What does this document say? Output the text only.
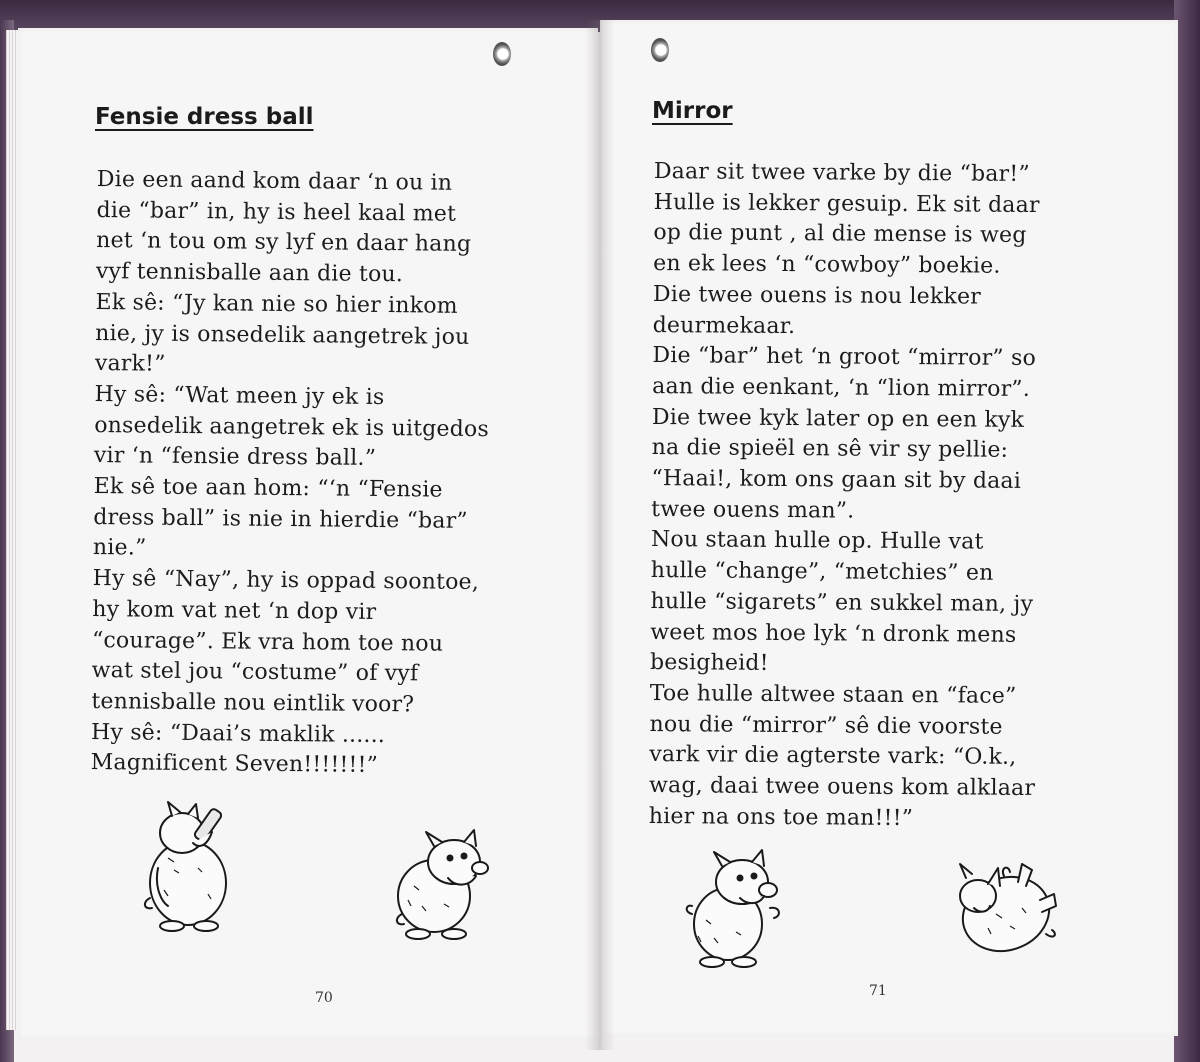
Fensie dress ball
Die een aand kom daar ‘n ou in
die “bar” in, hy is heel kaal met
net ‘n tou om sy lyf en daar hang
vyf tennisballe aan die tou.
Ek sê: “Jy kan nie so hier inkom
nie, jy is onsedelik aangetrek jou
vark!”
Hy sê: “Wat meen jy ek is
onsedelik aangetrek ek is uitgedos
vir ‘n “fensie dress ball.”
Ek sê toe aan hom: “‘n “Fensie
dress ball” is nie in hierdie “bar”
nie.”
Hy sê “Nay”, hy is oppad soontoe,
hy kom vat net ‘n dop vir
“courage”. Ek vra hom toe nou
wat stel jou “costume” of vyf
tennisballe nou eintlik voor?
Hy sê: “Daai’s maklik ......
Magnificent Seven!!!!!!!”
70
Mirror
Daar sit twee varke by die “bar!”
Hulle is lekker gesuip. Ek sit daar
op die punt , al die mense is weg
en ek lees ‘n “cowboy” boekie.
Die twee ouens is nou lekker
deurmekaar.
Die “bar” het ‘n groot “mirror” so
aan die eenkant, ‘n “lion mirror”.
Die twee kyk later op en een kyk
na die spieël en sê vir sy pellie:
“Haai!, kom ons gaan sit by daai
twee ouens man”.
Nou staan hulle op. Hulle vat
hulle “change”, “metchies” en
hulle “sigarets” en sukkel man, jy
weet mos hoe lyk ‘n dronk mens
besigheid!
Toe hulle altwee staan en “face”
nou die “mirror” sê die voorste
vark vir die agterste vark: “O.k.,
wag, daai twee ouens kom alklaar
hier na ons toe man!!!”
71
